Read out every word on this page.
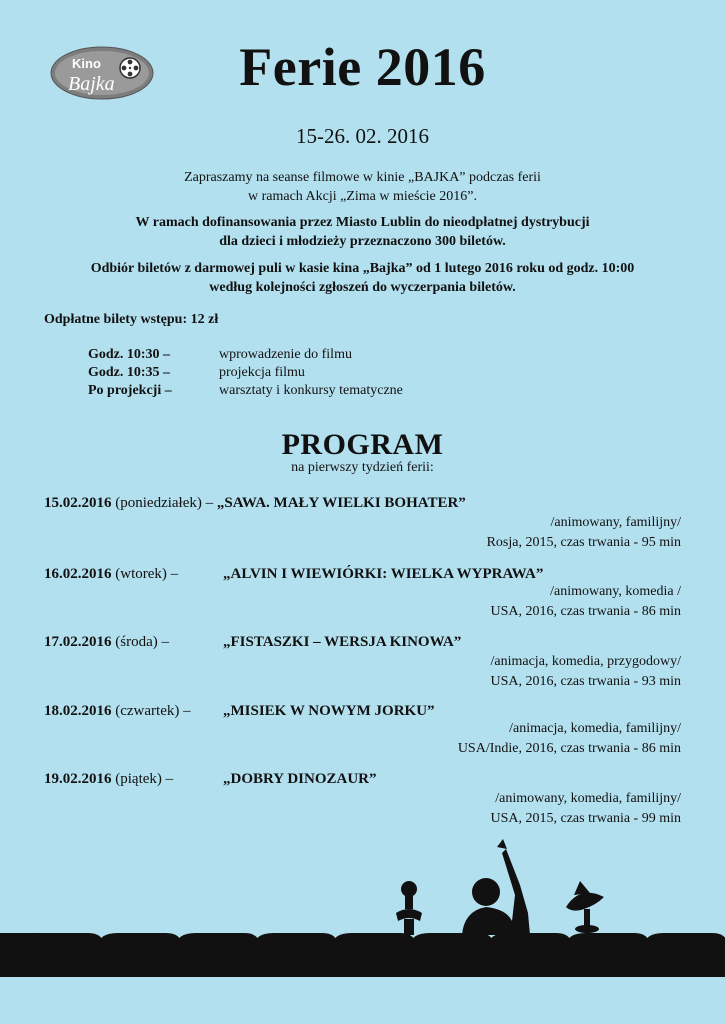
Kino
Bajka	Ferie 2016
15-26. 02. 2016
Zapraszamy na seanse filmowe w kinie „BAJKA” podczas ferii
w ramach Akcji „Zima w mieście 2016”.
W ramach dofinansowania przez Miasto Lublin do nieodpłatnej dystrybucji
dla dzieci i młodzieży przeznaczono 300 biletów.
Odbiór biletów z darmowej puli w kasie kina „Bajka” od 1 lutego 2016 roku od godz. 10:00
według kolejności zgłoszeń do wyczerpania biletów.
Odpłatne bilety wstępu: 12 zł
Godz. 10:30 –	wprowadzenie do filmu
Godz. 10:35 –	projekcja filmu
Po projekcji –	warsztaty i konkursy tematyczne
PROGRAM
na pierwszy tydzień ferii:
15.02.2016 (poniedziałek) – „SAWA. MAŁY WIELKI BOHATER”
/animowany, familijny/
Rosja, 2015, czas trwania - 95 min
16.02.2016 (wtorek) –	„ALVIN I WIEWIÓRKI: WIELKA WYPRAWA”
/animowany, komedia /
USA, 2016, czas trwania - 86 min
17.02.2016 (środa) –	„FISTASZKI – WERSJA KINOWA”
/animacja, komedia, przygodowy/
USA, 2016, czas trwania - 93 min
18.02.2016 (czwartek) – „MISIEK W NOWYM JORKU”
/animacja, komedia, familijny/
USA/Indie, 2016, czas trwania - 86 min
19.02.2016 (piątek) –	„DOBRY DINOZAUR”
/animowany, komedia, familijny/
USA, 2015, czas trwania - 99 min
